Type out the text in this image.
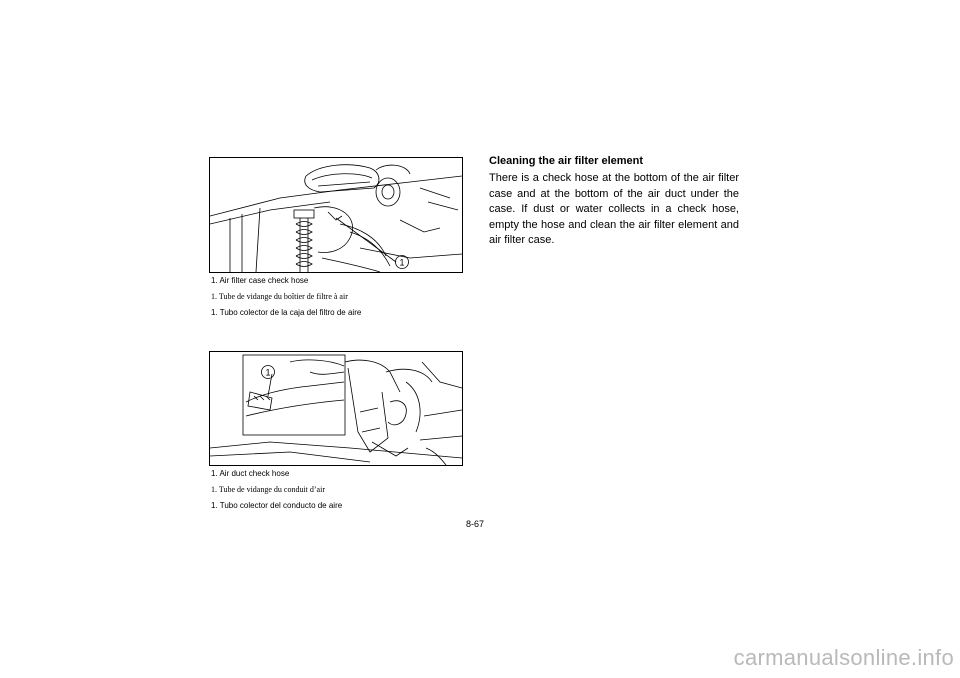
1
1. Air filter case check hose
1. Tube de vidange du boîtier de filtre à air
1. Tubo colector de la caja del filtro de aire
1
1. Air duct check hose
1. Tube de vidange du conduit d’air
1. Tubo colector del conducto de aire
Cleaning the air filter element

There is a check hose at the bottom of the air filter case and at the bottom of the air duct under the case. If dust or water collects in a check hose, empty the hose and clean the air filter element and air filter case.

8-67
carmanualsonline.info
